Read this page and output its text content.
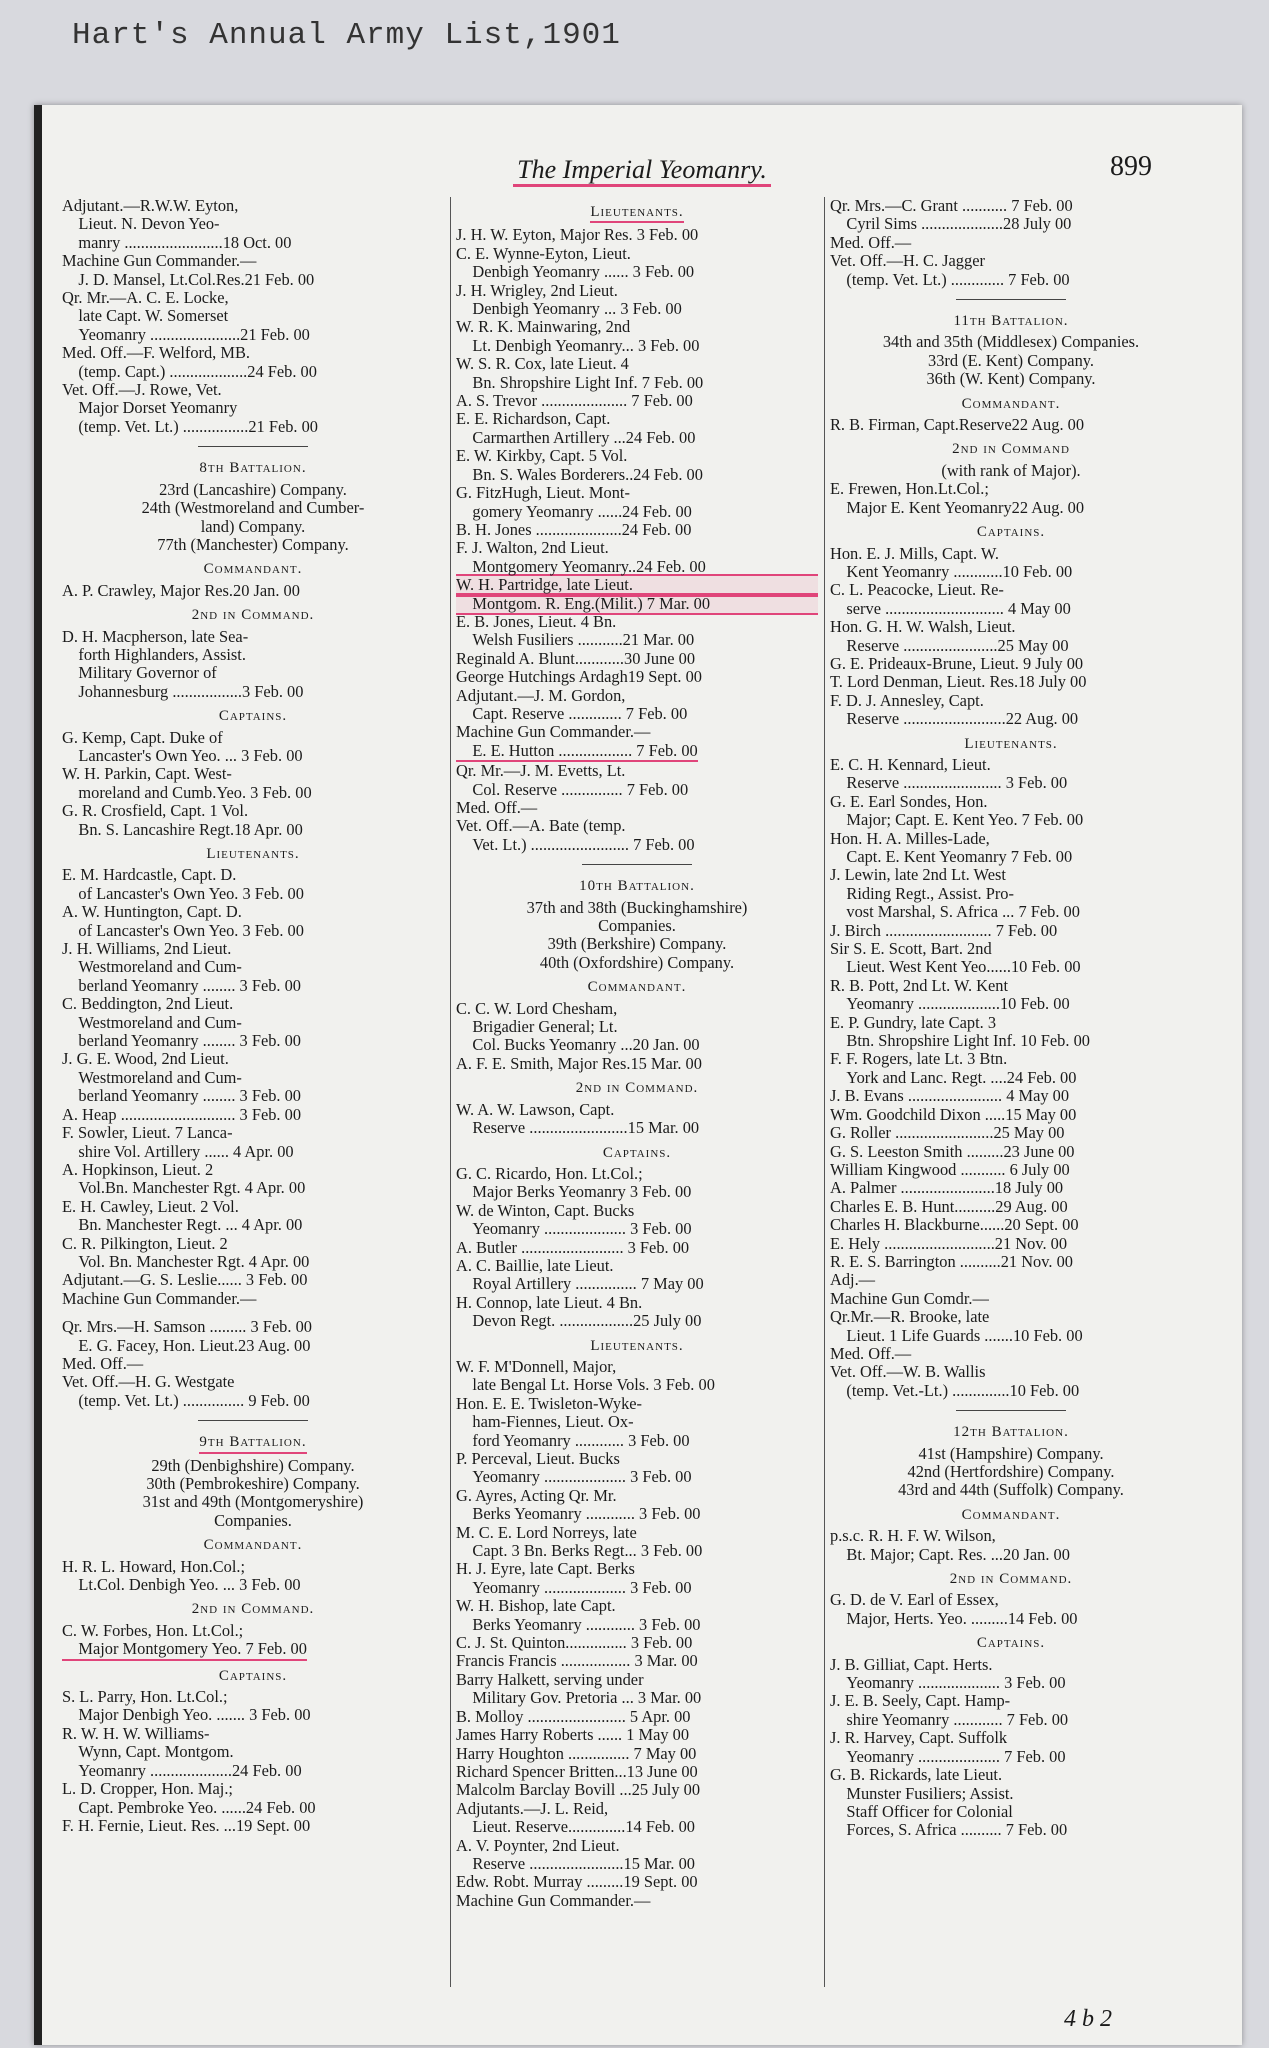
Hart's Annual Army List,1901
The Imperial Yeomanry.	899
Adjutant.—R.W.W. Eyton,
 Lieut. N. Devon Yeo-
 manry ........................18 Oct. 00
Machine Gun Commander.—
 J. D. Mansel, Lt.Col.Res.21 Feb. 00
Qr. Mr.—A. C. E. Locke,
 late Capt. W. Somerset
 Yeomanry ......................21 Feb. 00
Med. Off.—F. Welford, MB.
 (temp. Capt.) ...................24 Feb. 00
Vet. Off.—J. Rowe, Vet.
 Major Dorset Yeomanry
 (temp. Vet. Lt.) ................21 Feb. 00
8th Battalion.
23rd (Lancashire) Company.
24th (Westmoreland and Cumber-
land) Company.
77th (Manchester) Company.
Commandant.
A. P. Crawley, Major Res.20 Jan. 00
2nd in Command.
D. H. Macpherson, late Sea-
 forth Highlanders, Assist.
 Military Governor of
 Johannesburg .................3 Feb. 00
Captains.
G. Kemp, Capt. Duke of
 Lancaster's Own Yeo. ... 3 Feb. 00
W. H. Parkin, Capt. West-
 moreland and Cumb.Yeo. 3 Feb. 00
G. R. Crosfield, Capt. 1 Vol.
 Bn. S. Lancashire Regt.18 Apr. 00
Lieutenants.
E. M. Hardcastle, Capt. D.
 of Lancaster's Own Yeo. 3 Feb. 00
A. W. Huntington, Capt. D.
 of Lancaster's Own Yeo. 3 Feb. 00
J. H. Williams, 2nd Lieut.
 Westmoreland and Cum-
 berland Yeomanry ........ 3 Feb. 00
C. Beddington, 2nd Lieut.
 Westmoreland and Cum-
 berland Yeomanry ........ 3 Feb. 00
J. G. E. Wood, 2nd Lieut.
 Westmoreland and Cum-
 berland Yeomanry ........ 3 Feb. 00
A. Heap ............................ 3 Feb. 00
F. Sowler, Lieut. 7 Lanca-
 shire Vol. Artillery ...... 4 Apr. 00
A. Hopkinson, Lieut. 2
 Vol.Bn. Manchester Rgt. 4 Apr. 00
E. H. Cawley, Lieut. 2 Vol.
 Bn. Manchester Regt. ... 4 Apr. 00
C. R. Pilkington, Lieut. 2
 Vol. Bn. Manchester Rgt. 4 Apr. 00
Adjutant.—G. S. Leslie...... 3 Feb. 00
Machine Gun Commander.—
Qr. Mrs.—H. Samson ......... 3 Feb. 00
 E. G. Facey, Hon. Lieut.23 Aug. 00
Med. Off.—
Vet. Off.—H. G. Westgate
 (temp. Vet. Lt.) ............... 9 Feb. 00
9th Battalion.
29th (Denbighshire) Company.
30th (Pembrokeshire) Company.
31st and 49th (Montgomeryshire)
Companies.
Commandant.
H. R. L. Howard, Hon.Col.;
 Lt.Col. Denbigh Yeo. ... 3 Feb. 00
2nd in Command.
C. W. Forbes, Hon. Lt.Col.;
 Major Montgomery Yeo. 7 Feb. 00
Captains.
S. L. Parry, Hon. Lt.Col.;
 Major Denbigh Yeo. ....... 3 Feb. 00
R. W. H. W. Williams-
 Wynn, Capt. Montgom.
 Yeomanry ....................24 Feb. 00
L. D. Cropper, Hon. Maj.;
 Capt. Pembroke Yeo. ......24 Feb. 00
F. H. Fernie, Lieut. Res. ...19 Sept. 00
Lieutenants.
J. H. W. Eyton, Major Res. 3 Feb. 00
C. E. Wynne-Eyton, Lieut.
 Denbigh Yeomanry ...... 3 Feb. 00
J. H. Wrigley, 2nd Lieut.
 Denbigh Yeomanry ... 3 Feb. 00
W. R. K. Mainwaring, 2nd
 Lt. Denbigh Yeomanry... 3 Feb. 00
W. S. R. Cox, late Lieut. 4
 Bn. Shropshire Light Inf. 7 Feb. 00
A. S. Trevor ..................... 7 Feb. 00
E. E. Richardson, Capt.
 Carmarthen Artillery ...24 Feb. 00
E. W. Kirkby, Capt. 5 Vol.
 Bn. S. Wales Borderers..24 Feb. 00
G. FitzHugh, Lieut. Mont-
 gomery Yeomanry ......24 Feb. 00
B. H. Jones .....................24 Feb. 00
F. J. Walton, 2nd Lieut.
 Montgomery Yeomanry..24 Feb. 00
W. H. Partridge, late Lieut.
 Montgom. R. Eng.(Milit.) 7 Mar. 00
E. B. Jones, Lieut. 4 Bn.
 Welsh Fusiliers ...........21 Mar. 00
Reginald A. Blunt............30 June 00
George Hutchings Ardagh19 Sept. 00
Adjutant.—J. M. Gordon,
 Capt. Reserve ............. 7 Feb. 00
Machine Gun Commander.—
 E. E. Hutton .................. 7 Feb. 00
Qr. Mr.—J. M. Evetts, Lt.
 Col. Reserve ............... 7 Feb. 00
Med. Off.—
Vet. Off.—A. Bate (temp.
 Vet. Lt.) ........................ 7 Feb. 00
10th Battalion.
37th and 38th (Buckinghamshire)
Companies.
39th (Berkshire) Company.
40th (Oxfordshire) Company.
Commandant.
C. C. W. Lord Chesham,
 Brigadier General; Lt.
 Col. Bucks Yeomanry ...20 Jan. 00
A. F. E. Smith, Major Res.15 Mar. 00
2nd in Command.
W. A. W. Lawson, Capt.
 Reserve ........................15 Mar. 00
Captains.
G. C. Ricardo, Hon. Lt.Col.;
 Major Berks Yeomanry 3 Feb. 00
W. de Winton, Capt. Bucks
 Yeomanry .................... 3 Feb. 00
A. Butler ......................... 3 Feb. 00
A. C. Baillie, late Lieut.
 Royal Artillery ............... 7 May 00
H. Connop, late Lieut. 4 Bn.
 Devon Regt. ..................25 July 00
Lieutenants.
W. F. M'Donnell, Major,
 late Bengal Lt. Horse Vols. 3 Feb. 00
Hon. E. E. Twisleton-Wyke-
 ham-Fiennes, Lieut. Ox-
 ford Yeomanry ............ 3 Feb. 00
P. Perceval, Lieut. Bucks
 Yeomanry .................... 3 Feb. 00
G. Ayres, Acting Qr. Mr.
 Berks Yeomanry ............ 3 Feb. 00
M. C. E. Lord Norreys, late
 Capt. 3 Bn. Berks Regt... 3 Feb. 00
H. J. Eyre, late Capt. Berks
 Yeomanry .................... 3 Feb. 00
W. H. Bishop, late Capt.
 Berks Yeomanry ............ 3 Feb. 00
C. J. St. Quinton............... 3 Feb. 00
Francis Francis ................. 3 Mar. 00
Barry Halkett, serving under
 Military Gov. Pretoria ... 3 Mar. 00
B. Molloy ........................ 5 Apr. 00
James Harry Roberts ...... 1 May 00
Harry Houghton ............... 7 May 00
Richard Spencer Britten...13 June 00
Malcolm Barclay Bovill ...25 July 00
Adjutants.—J. L. Reid,
 Lieut. Reserve..............14 Feb. 00
A. V. Poynter, 2nd Lieut.
 Reserve .......................15 Mar. 00
Edw. Robt. Murray .........19 Sept. 00
Machine Gun Commander.—
Qr. Mrs.—C. Grant ........... 7 Feb. 00
 Cyril Sims ....................28 July 00
Med. Off.—
Vet. Off.—H. C. Jagger
 (temp. Vet. Lt.) ............. 7 Feb. 00
11th Battalion.
34th and 35th (Middlesex) Companies.
33rd (E. Kent) Company.
36th (W. Kent) Company.
Commandant.
R. B. Firman, Capt.Reserve22 Aug. 00
2nd in Command
(with rank of Major).
E. Frewen, Hon.Lt.Col.;
 Major E. Kent Yeomanry22 Aug. 00
Captains.
Hon. E. J. Mills, Capt. W.
 Kent Yeomanry ............10 Feb. 00
C. L. Peacocke, Lieut. Re-
 serve ............................. 4 May 00
Hon. G. H. W. Walsh, Lieut.
 Reserve .......................25 May 00
G. E. Prideaux-Brune, Lieut. 9 July 00
T. Lord Denman, Lieut. Res.18 July 00
F. D. J. Annesley, Capt.
 Reserve .........................22 Aug. 00
Lieutenants.
E. C. H. Kennard, Lieut.
 Reserve ........................ 3 Feb. 00
G. E. Earl Sondes, Hon.
 Major; Capt. E. Kent Yeo. 7 Feb. 00
Hon. H. A. Milles-Lade,
 Capt. E. Kent Yeomanry 7 Feb. 00
J. Lewin, late 2nd Lt. West
 Riding Regt., Assist. Pro-
 vost Marshal, S. Africa ... 7 Feb. 00
J. Birch .......................... 7 Feb. 00
Sir S. E. Scott, Bart. 2nd
 Lieut. West Kent Yeo......10 Feb. 00
R. B. Pott, 2nd Lt. W. Kent
 Yeomanry ....................10 Feb. 00
E. P. Gundry, late Capt. 3
 Btn. Shropshire Light Inf. 10 Feb. 00
F. F. Rogers, late Lt. 3 Btn.
 York and Lanc. Regt. ....24 Feb. 00
J. B. Evans ....................... 4 May 00
Wm. Goodchild Dixon .....15 May 00
G. Roller ........................25 May 00
G. S. Leeston Smith .........23 June 00
William Kingwood ........... 6 July 00
A. Palmer .......................18 July 00
Charles E. B. Hunt..........29 Aug. 00
Charles H. Blackburne......20 Sept. 00
E. Hely ...........................21 Nov. 00
R. E. S. Barrington ..........21 Nov. 00
Adj.—
Machine Gun Comdr.—
Qr.Mr.—R. Brooke, late
 Lieut. 1 Life Guards .......10 Feb. 00
Med. Off.—
Vet. Off.—W. B. Wallis
 (temp. Vet.-Lt.) ..............10 Feb. 00
12th Battalion.
41st (Hampshire) Company.
42nd (Hertfordshire) Company.
43rd and 44th (Suffolk) Company.
Commandant.
p.s.c. R. H. F. W. Wilson,
 Bt. Major; Capt. Res. ...20 Jan. 00
2nd in Command.
G. D. de V. Earl of Essex,
 Major, Herts. Yeo. .........14 Feb. 00
Captains.
J. B. Gilliat, Capt. Herts.
 Yeomanry .................... 3 Feb. 00
J. E. B. Seely, Capt. Hamp-
 shire Yeomanry ............ 7 Feb. 00
J. R. Harvey, Capt. Suffolk
 Yeomanry .................... 7 Feb. 00
G. B. Rickards, late Lieut.
 Munster Fusiliers; Assist.
 Staff Officer for Colonial
 Forces, S. Africa .......... 7 Feb. 00
4 b 2
